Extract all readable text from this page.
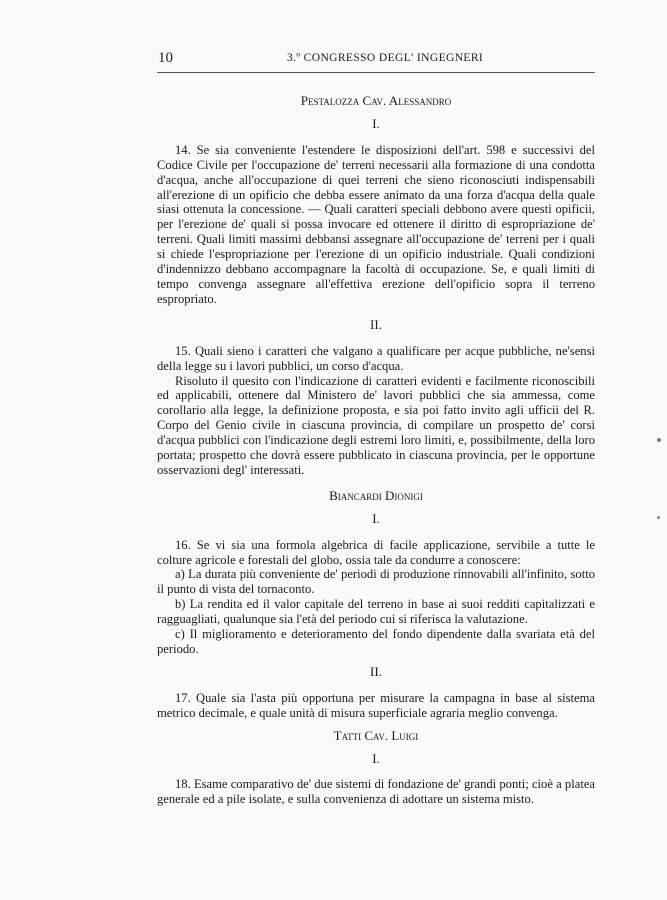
10	3.º CONGRESSO DEGL' INGEGNERI
Pestalozza Cav. Alessandro
I.

14. Se sia conveniente l'estendere le disposizioni dell'art. 598 e successivi del Codice Civile per l'occupazione de' terreni necessarii alla formazione di una condotta d'acqua, anche all'occupazione di quei terreni che sieno riconosciuti indispensabili all'erezione di un opificio che debba essere animato da una forza d'acqua della quale siasi ottenuta la concessione. — Quali caratteri speciali debbono avere questi opificii, per l'erezione de' quali si possa invocare ed ottenere il diritto di espropriazione de' terreni. Quali limiti massimi debbansi assegnare all'occupazione de' terreni per i quali si chiede l'espropriazione per l'erezione di un opificio industriale. Quali condizioni d'indennizzo debbano accompagnare la facoltà di occupazione. Se, e quali limiti di tempo convenga assegnare all'effettiva erezione dell'opificio sopra il terreno espropriato.

II.

15. Quali sieno i caratteri che valgano a qualificare per acque pubbliche, ne'sensi della legge su i lavori pubblici, un corso d'acqua.

Risoluto il quesito con l'indicazione di caratteri evidenti e facilmente riconoscibili ed applicabili, ottenere dal Ministero de' lavori pubblici che sia ammessa, come corollario alla legge, la definizione proposta, e sia poi fatto invito agli ufficii del R. Corpo del Genio civile in ciascuna provincia, di compilare un prospetto de' corsi d'acqua pubblici con l'indicazione degli estremi loro limiti, e, possibilmente, della loro portata; prospetto che dovrà essere pubblicato in ciascuna provincia, per le opportune osservazioni degl' interessati.

Biancardi Dionigi
I.

16. Se vi sia una formola algebrica di facile applicazione, servibile a tutte le colture agricole e forestali del globo, ossia tale da condurre a conoscere:

a) La durata più conveniente de' periodi di produzione rinnovabili all'infinito, sotto il punto di vista del tornaconto.

b) La rendita ed il valor capitale del terreno in base ai suoi redditi capitalizzati e ragguagliati, qualunque sia l'età del periodo cui si riferisca la valutazione.

c) Il miglioramento e deterioramento del fondo dipendente dalla svariata età del periodo.

II.

17. Quale sia l'asta più opportuna per misurare la campagna in base al sistema metrico decimale, e quale unità di misura superficiale agraria meglio convenga.

Tatti Cav. Luigi
I.

18. Esame comparativo de' due sistemi di fondazione de' grandi ponti; cioè a platea generale ed a pile isolate, e sulla convenienza di adottare un sistema misto.
